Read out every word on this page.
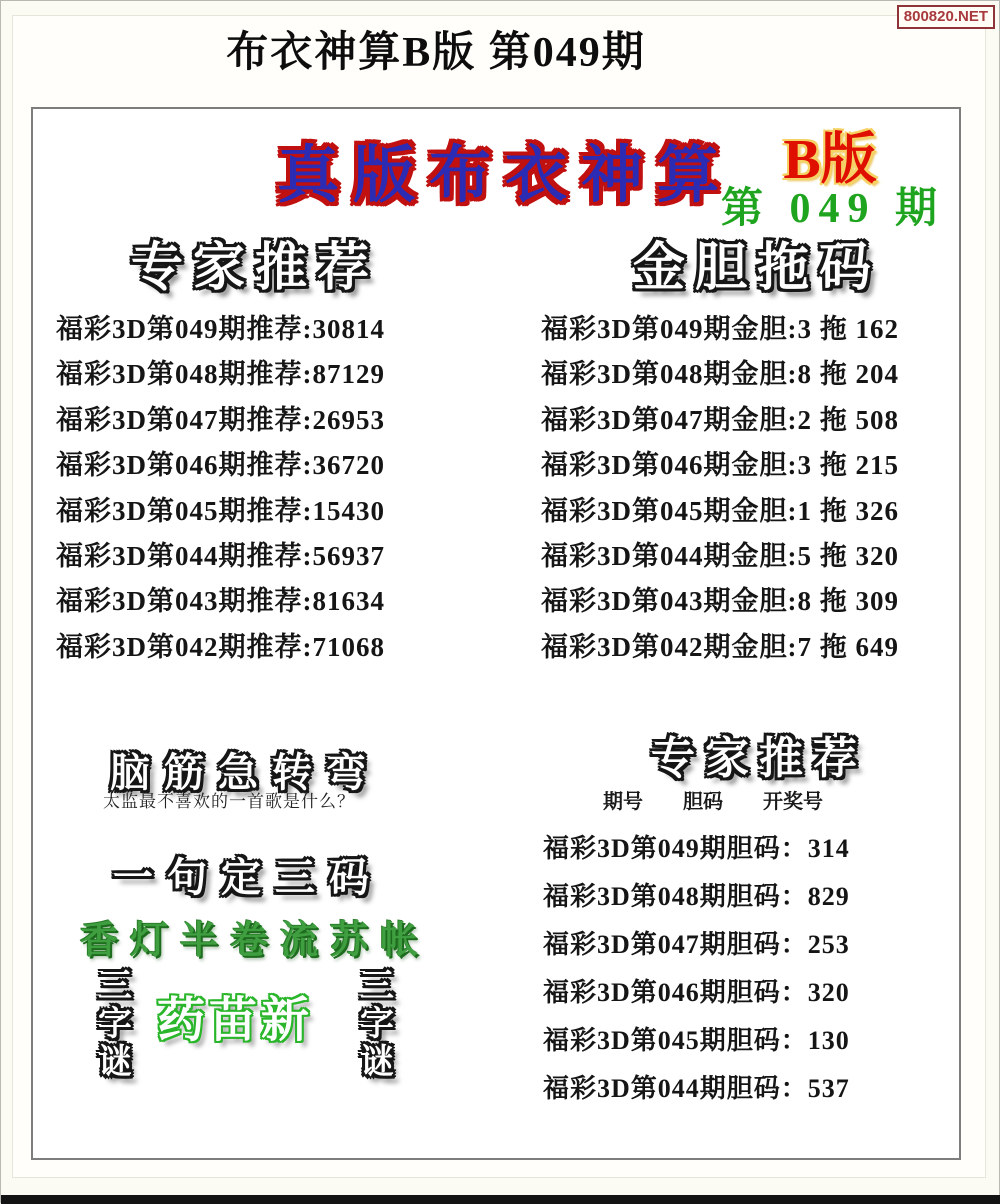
800820.NET
布衣神算B版 第049期
真版布衣神算 B版
第 049 期
专家推荐
福彩3D第049期推荐:30814
福彩3D第048期推荐:87129
福彩3D第047期推荐:26953
福彩3D第046期推荐:36720
福彩3D第045期推荐:15430
福彩3D第044期推荐:56937
福彩3D第043期推荐:81634
福彩3D第042期推荐:71068
金胆拖码
福彩3D第049期金胆:3 拖 162
福彩3D第048期金胆:8 拖 204
福彩3D第047期金胆:2 拖 508
福彩3D第046期金胆:3 拖 215
福彩3D第045期金胆:1 拖 326
福彩3D第044期金胆:5 拖 320
福彩3D第043期金胆:8 拖 309
福彩3D第042期金胆:7 拖 649
脑筋急转弯
太监最不喜欢的一首歌是什么？
一句定三码
香灯半卷流苏帐
三字谜 药苗新 三字谜
专家推荐
期号 胆码 开奖号
福彩3D第049期胆码：314
福彩3D第048期胆码：829
福彩3D第047期胆码：253
福彩3D第046期胆码：320
福彩3D第045期胆码：130
福彩3D第044期胆码：537
